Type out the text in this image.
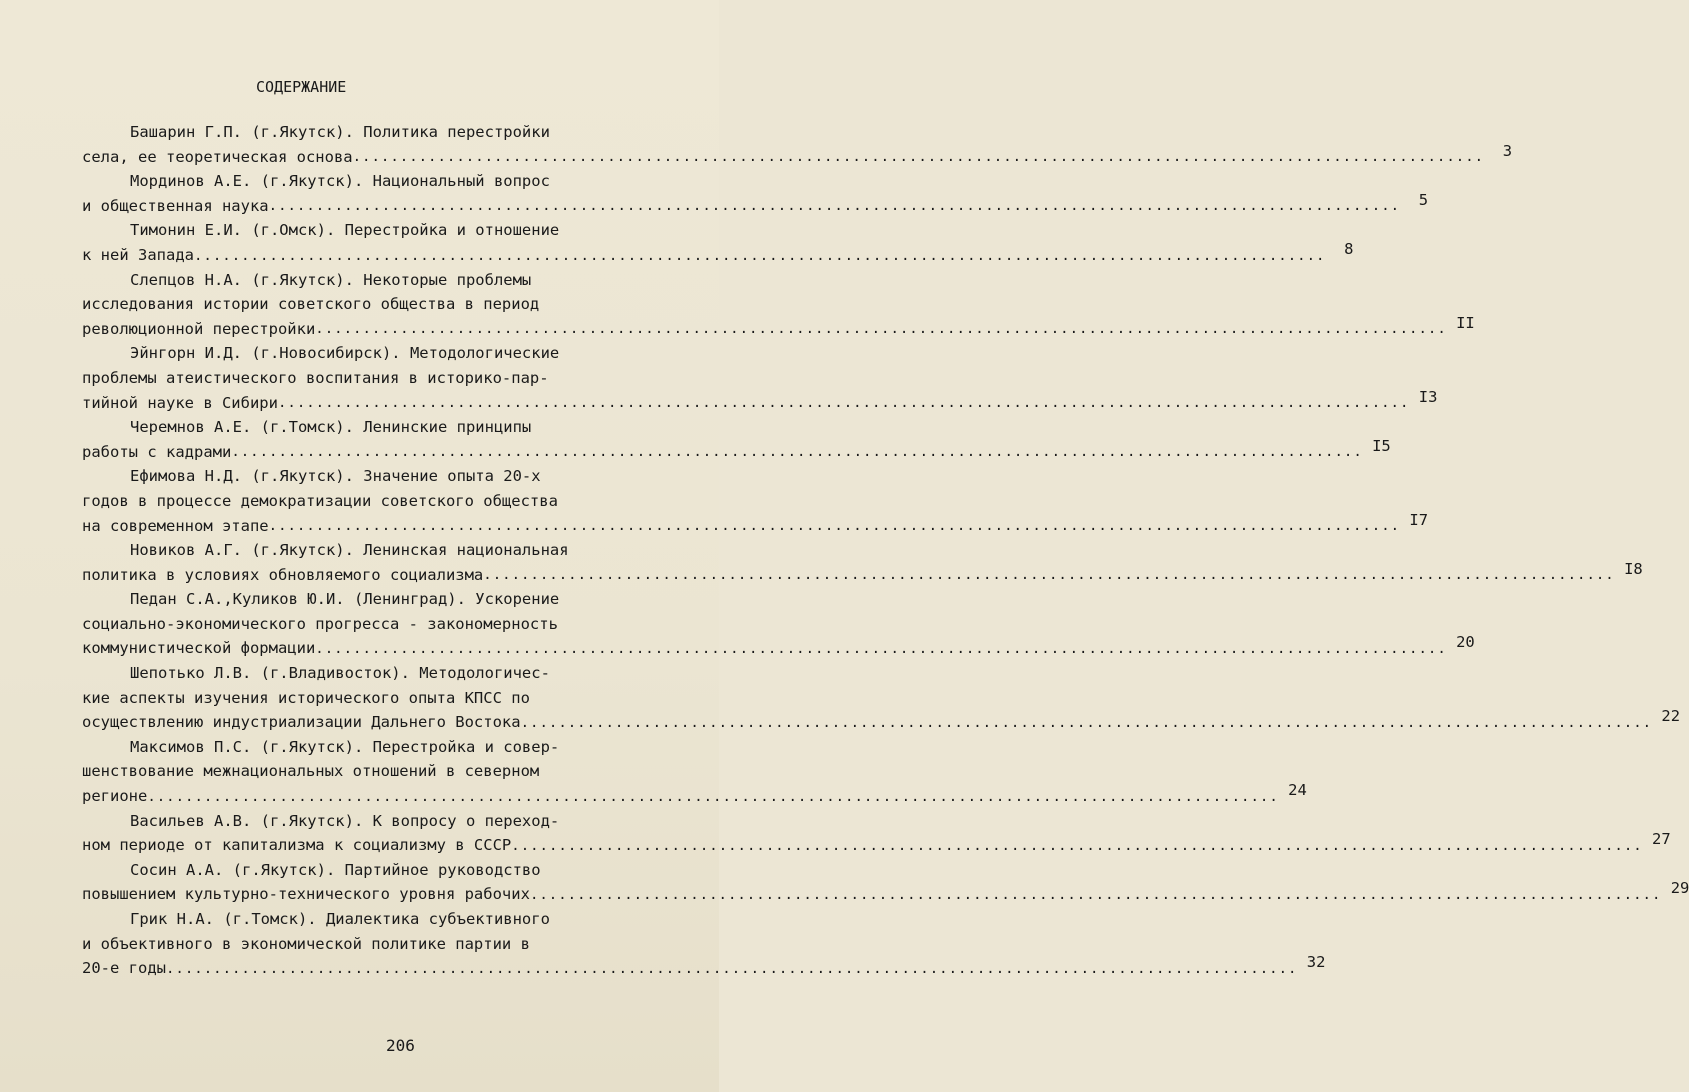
СОДЕРЖАНИЕ
Башарин Г.П. (г.Якутск). Политика перестройки
села, ее теоретическая основа ........................................................................................................................	3
Мординов А.Е. (г.Якутск). Национальный вопрос
и общественная наука ........................................................................................................................	5
Тимонин Е.И. (г.Омск). Перестройка и отношение
к ней Запада ........................................................................................................................	8
Слепцов Н.А. (г.Якутск). Некоторые проблемы
исследования истории советского общества в период
революционной перестройки ........................................................................................................................ II
Эйнгорн И.Д. (г.Новосибирск). Методологические
проблемы атеистического воспитания в историко-пар-
тийной науке в Сибири ........................................................................................................................ I3
Черемнов А.Е. (г.Томск). Ленинские принципы
работы с кадрами ........................................................................................................................ I5
Ефимова Н.Д. (г.Якутск). Значение опыта 20-х
годов в процессе демократизации советского общества
на современном этапе ........................................................................................................................ I7
Новиков А.Г. (г.Якутск). Ленинская национальная
политика в условиях обновляемого социализма ........................................................................................................................ I8
Педан С.А.,Куликов Ю.И. (Ленинград). Ускорение
социально-экономического прогресса - закономерность
коммунистической формации ........................................................................................................................ 20
Шепотько Л.В. (г.Владивосток). Методологичес-
кие аспекты изучения исторического опыта КПСС по
осуществлению индустриализации Дальнего Востока ........................................................................................................................ 22
Максимов П.С. (г.Якутск). Перестройка и совер-
шенствование межнациональных отношений в северном
регионе ........................................................................................................................ 24
Васильев А.В. (г.Якутск). К вопросу о переход-
ном периоде от капитализма к социализму в СССР ........................................................................................................................ 27
Сосин А.А. (г.Якутск). Партийное руководство
повышением культурно-технического уровня рабочих ........................................................................................................................ 29
Грик Н.А. (г.Томск). Диалектика субъективного
и объективного в экономической политике партии в
20-е годы ........................................................................................................................ 32
206
